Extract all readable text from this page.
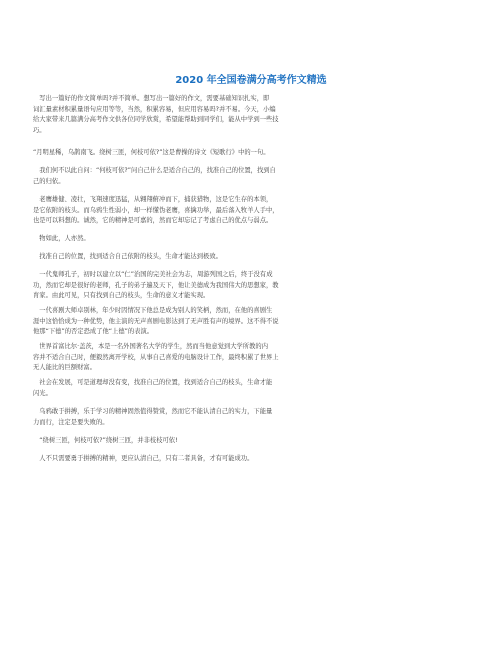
2020 年全国卷满分高考作文精选
　写出一篇好的作文简单吗?并不简单。想写出一篇好的作文，需要基础知识扎实，即
词汇量素材积累量语句应用等等，当然，积累容易，但应用容易吗?并不易。今天，小编
给大家带来几篇满分高考作文供各位同学欣赏，希望能帮助到同学们，能从中学到一些技
巧。
“月明星稀，乌鹊南飞。绕树三匝，何枝可依?”这是曹操的诗文《短歌行》中的一句。
　我们何不以此自问：“何枝可依?”问自己什么是适合自己的，找准自己的位置，找到自
己的归依。
　老鹰雄健、凌壮，飞翔速度迅猛，从翱翔俯冲而下，捕获猎物，这是它生存的本领，
是它依附的枝头。而乌鸦生性弱小，却一样懂伪老鹰，喜擒功举，最后落入牧羊人手中，
也是可以料想的。诚然，它的精神是可嘉的，然而它却忘记了考虑自己的优点与弱点。
　物如此，人亦然。
　找准自己的位置，找到适合自己依附的枝头，生命才能达到极致。
　一代鬼师孔子，初时以建立以“仁”治国的完美社会为志，周游列国之后，终于没有成
功，然而它却是很好的老师，孔子的弟子遍及天下，他让美德成为我国伟大的思想家，教
育家。由此可见，只有找到自己的枝头，生命的意义才能实现。
　一代喜剧大师卓别林，年少时因情况下他总是成为别人的笑柄，然而，在他的喜剧生
涯中这恰恰成为一种优势，他主演的无声喜剧电影达到了无声胜有声的境界。这不得不说
他那“下德”的否定恐成了他“上德”的表演。
　世界首富比尔·盖茨，本是一名外国著名大学的学生，然而当他意觉到大学所教的内
容并不适合自己时，便毅然离开学校，从事自己喜爱的电脑设计工作，最终积累了世界上
无人能比的巨额财富。
　社会在发展，可是道理却没有变，找准自己的位置，找到适合自己的枝头，生命才能
闪光。
　乌鸦敢于拼搏，乐于学习的精神固然值得赞赏，然而它不能认清自己的实力，下能量
力而行，注定是要失败的。
　“绕树三匝，何枝可依?”绕树三匝，并非枝枝可依!
　人不只需要勇于拼搏的精神，更应认清自己，只有二者具备，才有可能成功。
